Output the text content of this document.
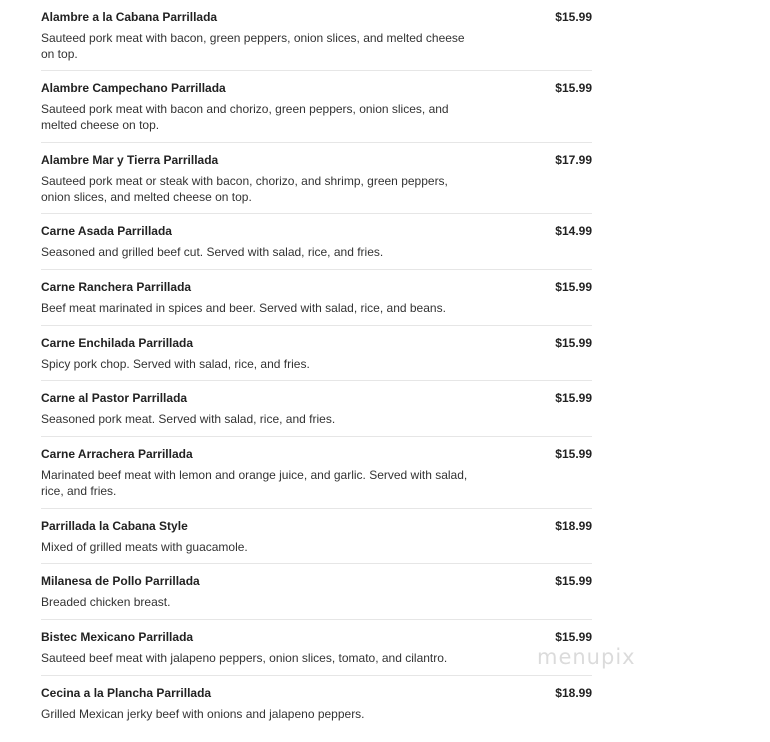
Alambre a la Cabana Parrillada	$15.99
Sauteed pork meat with bacon, green peppers, onion slices, and melted cheese on top.
Alambre Campechano Parrillada	$15.99
Sauteed pork meat with bacon and chorizo, green peppers, onion slices, and melted cheese on top.
Alambre Mar y Tierra Parrillada	$17.99
Sauteed pork meat or steak with bacon, chorizo, and shrimp, green peppers, onion slices, and melted cheese on top.
Carne Asada Parrillada	$14.99
Seasoned and grilled beef cut. Served with salad, rice, and fries.
Carne Ranchera Parrillada	$15.99
Beef meat marinated in spices and beer. Served with salad, rice, and beans.
Carne Enchilada Parrillada	$15.99
Spicy pork chop. Served with salad, rice, and fries.
Carne al Pastor Parrillada	$15.99
Seasoned pork meat. Served with salad, rice, and fries.
Carne Arrachera Parrillada	$15.99
Marinated beef meat with lemon and orange juice, and garlic. Served with salad, rice, and fries.
Parrillada la Cabana Style	$18.99
Mixed of grilled meats with guacamole.
Milanesa de Pollo Parrillada	$15.99
Breaded chicken breast.
Bistec Mexicano Parrillada	$15.99
Sauteed beef meat with jalapeno peppers, onion slices, tomato, and cilantro.
Cecina a la Plancha Parrillada	$18.99
Grilled Mexican jerky beef with onions and jalapeno peppers.
menupix
